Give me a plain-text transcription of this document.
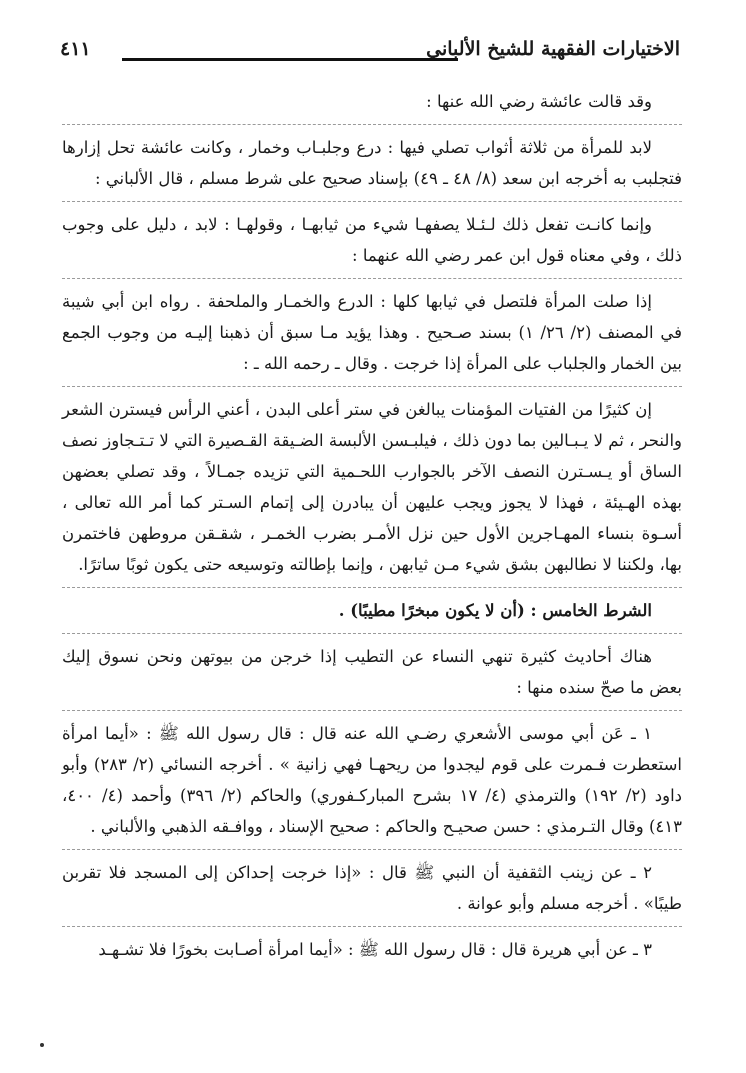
الاختيارات الفقهية للشيخ الألباني
٤١١

وقد قالت عائشة رضي الله عنها :

لابد للمرأة من ثلاثة أثواب تصلي فيها : درع وجلبـاب وخمار ، وكانت عائشة تحل إزارها فتجلبب به أخرجه ابن سعد (٨/ ٤٨ ـ ٤٩) بإسناد صحيح على شرط مسلم ، قال الألباني :

وإنما كانـت تفعل ذلك لـئـلا يصفهـا شيء من ثيابهـا ، وقولهـا : لابد ، دليل على وجوب ذلك ، وفي معناه قول ابن عمر رضي الله عنهما :

إذا صلت المرأة فلتصل في ثيابها كلها : الدرع والخمـار والملحفة . رواه ابن أبي شيبة في المصنف (٢/ ٢٦/ ١) بسند صـحيح . وهذا يؤيد مـا سبق أن ذهبنا إليـه من وجوب الجمع بين الخمار والجلباب على المرأة إذا خرجت . وقال ـ رحمه الله ـ :

إن كثيرًا من الفتيات المؤمنات يبالغن في ستر أعلى البدن ، أعني الرأس فيسترن الشعر والنحر ، ثم لا يـبـالين بما دون ذلك ، فيلبـسن الألبسة الضـيقة القـصيرة التي لا تـتـجاوز نصف الساق أو يـسـترن النصف الآخر بالجوارب اللحـمية التي تزيده جمـالاً ، وقد تصلي بعضهن بهذه الهـيئة ، فهذا لا يجوز ويجب عليهن أن يبادرن إلى إتمام السـتر كما أمر الله تعالى ، أسـوة بنساء المهـاجرين الأول حين نزل الأمـر بضرب الخمـر ، شقـقن مروطهن فاختمرن بها، ولكننا لا نطالبهن بشق شيء مـن ثيابهن ، وإنما بإطالته وتوسيعه حتى يكون ثوبًا ساترًا.

الشرط الخامس : (أن لا يكون مبخرًا مطيبًا) .

هناك أحاديث كثيرة تنهي النساء عن التطيب إذا خرجن من بيوتهن ونحن نسوق إليك بعض ما صحّ سنده منها :

١ ـ عَن أبي موسى الأشعري رضـي الله عنه قال : قال رسول الله ﷺ : «أيما امرأة استعطرت فـمرت على قوم ليجدوا من ريحهـا فهي زانية » . أخرجه النسائي (٢/ ٢٨٣) وأبو داود (٢/ ١٩٢) والترمذي (٤/ ١٧ بشرح المباركـفوري) والحاكم (٢/ ٣٩٦) وأحمد (٤/ ٤٠٠، ٤١٣) وقال التـرمذي : حسن صحيـح والحاكم : صحيح الإسناد ، ووافـقه الذهبي والألباني .

٢ ـ عن زينب الثقفية أن النبي ﷺ قال : «إذا خرجت إحداكن إلى المسجد فلا تقربن طيبًا» . أخرجه مسلم وأبو عوانة .

٣ ـ عن أبي هريرة قال : قال رسول الله ﷺ : «أيما امرأة أصـابت بخورًا فلا تشـهـد
